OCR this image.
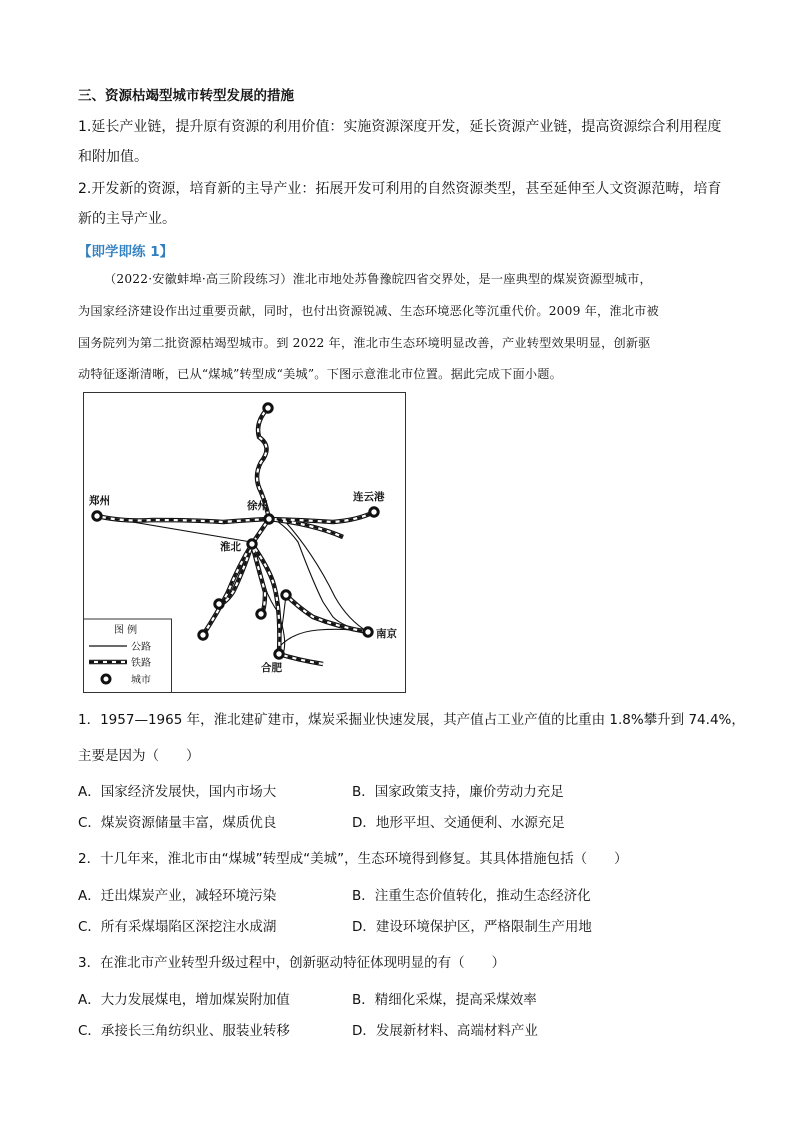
三、资源枯竭型城市转型发展的措施
1.延长产业链，提升原有资源的利用价值：实施资源深度开发，延长资源产业链，提高资源综合利用程度
和附加值。
2.开发新的资源，培育新的主导产业：拓展开发可利用的自然资源类型，甚至延伸至人文资源范畴，培育
新的主导产业。
【即学即练 1】
（2022·安徽蚌埠·高三阶段练习）淮北市地处苏鲁豫皖四省交界处，是一座典型的煤炭资源型城市，
为国家经济建设作出过重要贡献，同时，也付出资源锐减、生态环境恶化等沉重代价。2009 年，淮北市被
国务院列为第二批资源枯竭型城市。到 2022 年，淮北市生态环境明显改善，产业转型效果明显，创新驱
动特征逐渐清晰，已从“煤城”转型成“美城”。下图示意淮北市位置。据此完成下面小题。
郑州	徐州
连云港
淮北
南京
合肥
图 例
公路
铁路
城市
1．1957—1965 年，淮北建矿建市，煤炭采掘业快速发展，其产值占工业产值的比重由 1.8%攀升到 74.4%，
主要是因为（　　）
A．国家经济发展快，国内市场大	B．国家政策支持，廉价劳动力充足
C．煤炭资源储量丰富，煤质优良	D．地形平坦、交通便利、水源充足
2．十几年来，淮北市由“煤城”转型成“美城”，生态环境得到修复。其具体措施包括（　　）
A．迁出煤炭产业，减轻环境污染	B．注重生态价值转化，推动生态经济化
C．所有采煤塌陷区深挖注水成湖	D．建设环境保护区，严格限制生产用地
3．在淮北市产业转型升级过程中，创新驱动特征体现明显的有（　　）
A．大力发展煤电，增加煤炭附加值	B．精细化采煤，提高采煤效率
C．承接长三角纺织业、服装业转移	D．发展新材料、高端材料产业
